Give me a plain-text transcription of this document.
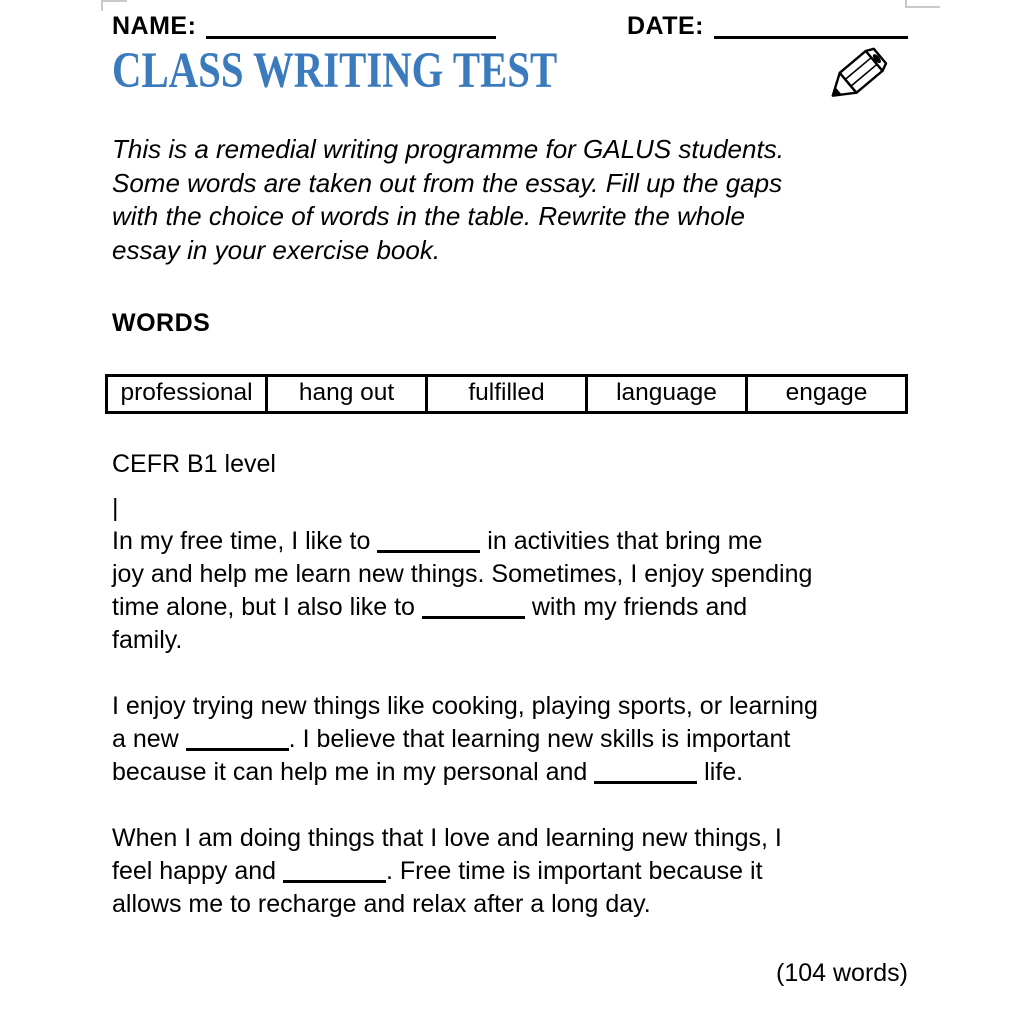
NAME:	DATE:
CLASS WRITING TEST
This is a remedial writing programme for GALUS students.
Some words are taken out from the essay. Fill up the gaps
with the choice of words in the table. Rewrite the whole
essay in your exercise book.
WORDS
professional	hang out	fulfilled	language	engage
CEFR B1 level
|
In my free time, I like to	in activities that bring me
joy and help me learn new things. Sometimes, I enjoy spending
time alone, but I also like to	with my friends and
family.
I enjoy trying new things like cooking, playing sports, or learning
a new	. I believe that learning new skills is important
because it can help me in my personal and	life.
When I am doing things that I love and learning new things, I
feel happy and	. Free time is important because it
allows me to recharge and relax after a long day.
(104 words)
